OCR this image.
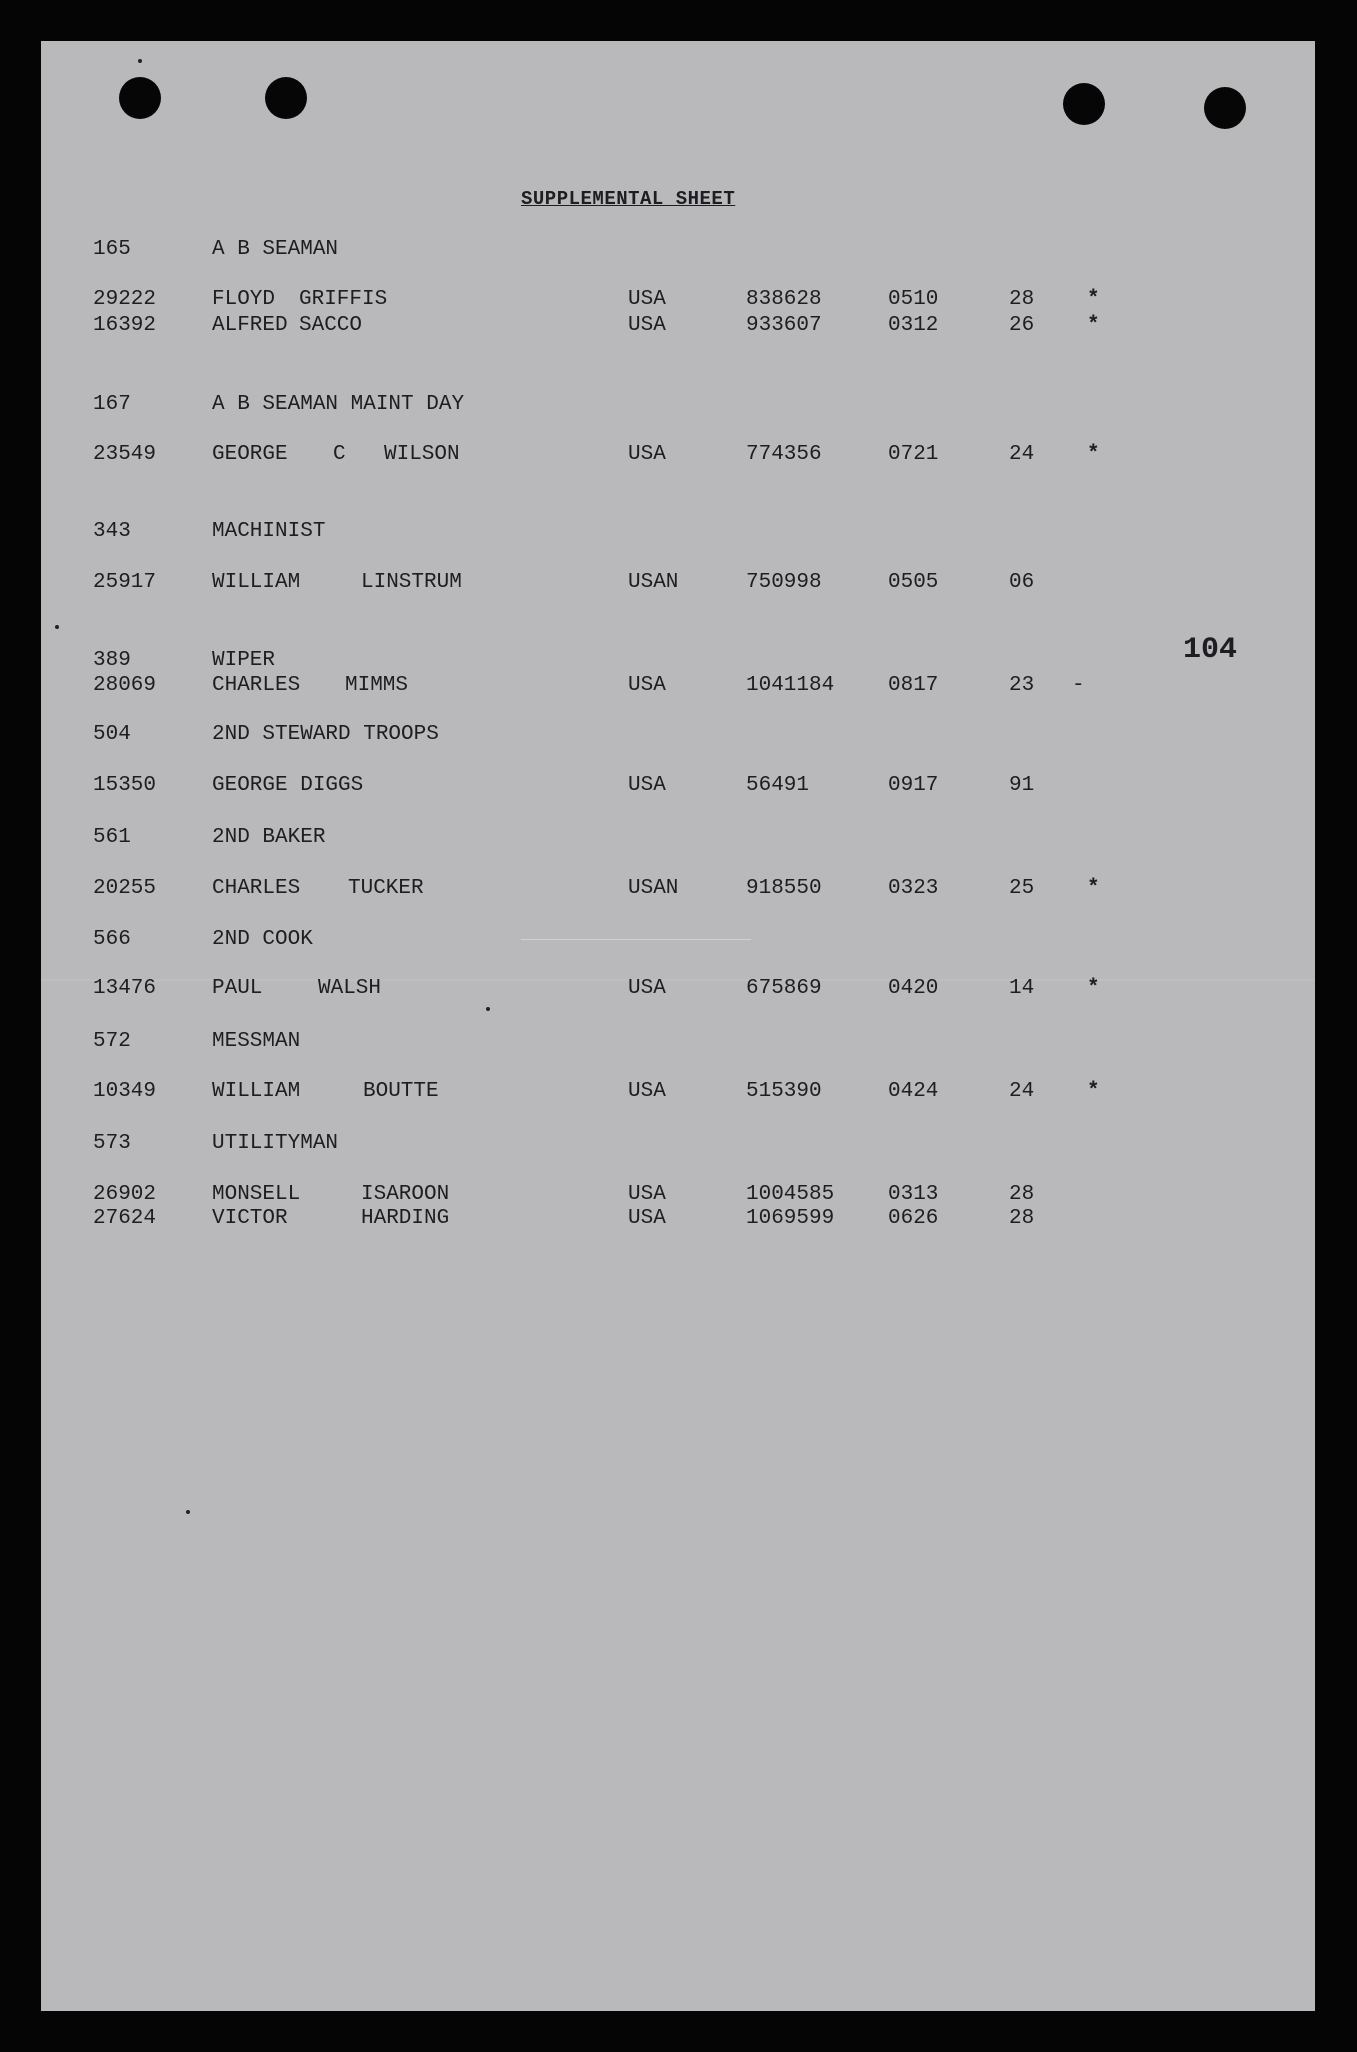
SUPPLEMENTAL SHEET
104
165	A B SEAMAN
29222	FLOYD GRIFFIS	USA	838628	0510	28	*
16392	ALFRED SACCO	USA	933607	0312	26	*
167	A B SEAMAN MAINT DAY
23549	GEORGE C WILSON	USA	774356	0721	24	*
343	MACHINIST
25917	WILLIAM	LINSTRUM	USAN	750998	0505	06
389	WIPER
28069	CHARLES MIMMS	USA	1041184	0817	23 -
504	2ND STEWARD TROOPS
15350	GEORGE DIGGS	USA	56491	0917	91
561	2ND BAKER
20255	CHARLES TUCKER	USAN	918550	0323	25	*
566	2ND COOK
13476	PAUL	WALSH	USA	675869	0420	14	*
572	MESSMAN
10349	WILLIAM	BOUTTE	USA	515390	0424	24	*
573	UTILITYMAN
26902	MONSELL	ISAROON	USA	1004585	0313	28
27624	VICTOR	HARDING	USA	1069599	0626	28
